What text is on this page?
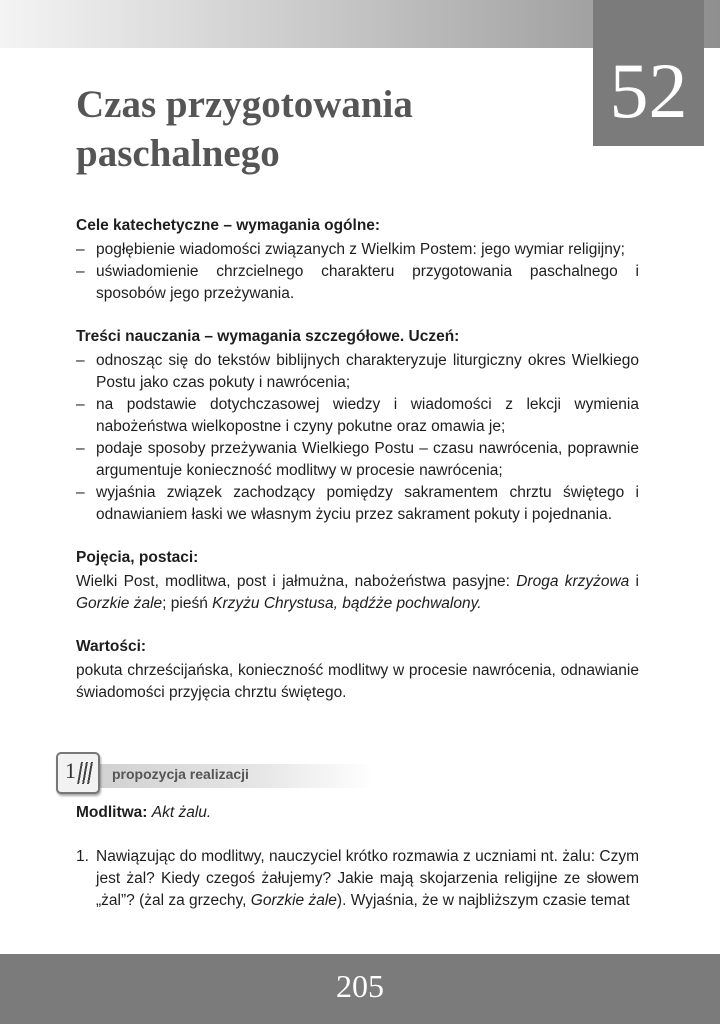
52
Czas przygotowania
paschalnego
Cele katechetyczne – wymagania ogólne:
– pogłębienie wiadomości związanych z Wielkim Postem: jego wymiar religijny;
– uświadomienie chrzcielnego charakteru przygotowania paschalnego i sposobów jego przeżywania.
Treści nauczania – wymagania szczegółowe. Uczeń:
– odnosząc się do tekstów biblijnych charakteryzuje liturgiczny okres Wielkiego Postu jako czas pokuty i nawrócenia;
– na podstawie dotychczasowej wiedzy i wiadomości z lekcji wymienia nabożeństwa wielkopostne i czyny pokutne oraz omawia je;
– podaje sposoby przeżywania Wielkiego Postu – czasu nawrócenia, poprawnie argumentuje konieczność modlitwy w procesie nawrócenia;
– wyjaśnia związek zachodzący pomiędzy sakramentem chrztu świętego i odnawianiem łaski we własnym życiu przez sakrament pokuty i pojednania.
Pojęcia, postaci:

Wielki Post, modlitwa, post i jałmużna, nabożeństwa pasyjne: Droga krzyżowa i Gorzkie żale; pieśń Krzyżu Chrystusa, bądźże pochwalony.

Wartości:

pokuta chrześcijańska, konieczność modlitwy w procesie nawrócenia, odnawianie świadomości przyjęcia chrztu świętego.

propozycja realizacji
1
Modlitwa: Akt żalu.
1. Nawiązując do modlitwy, nauczyciel krótko rozmawia z uczniami nt. żalu: Czym jest żal? Kiedy czegoś żałujemy? Jakie mają skojarzenia religijne ze słowem „żal”? (żal za grzechy, Gorzkie żale). Wyjaśnia, że w najbliższym czasie temat
205
